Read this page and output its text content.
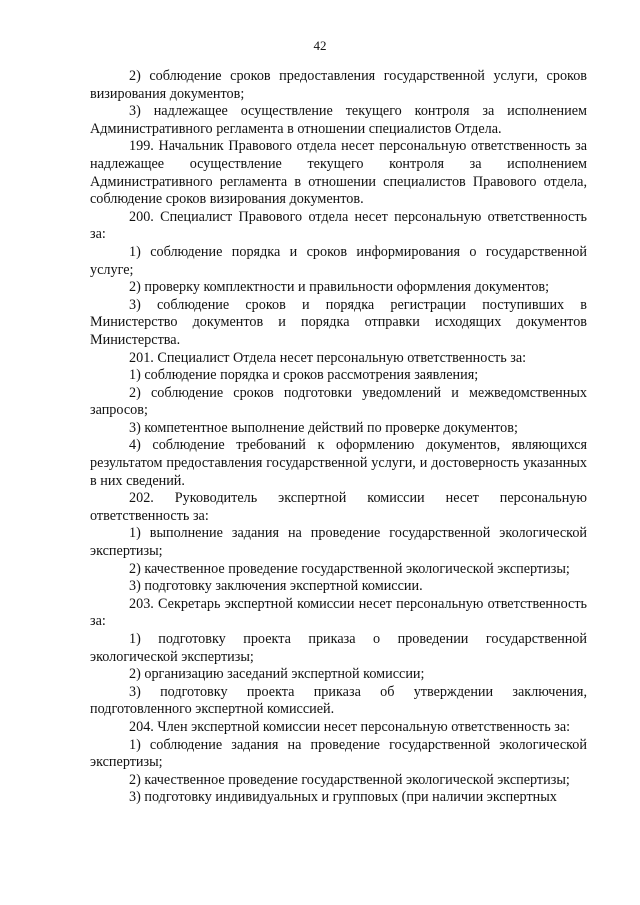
42

2) соблюдение сроков предоставления государственной услуги, сроков визирования документов;

3) надлежащее осуществление текущего контроля за исполнением Административного регламента в отношении специалистов Отдела.

199. Начальник Правового отдела несет персональную ответственность за надлежащее осуществление текущего контроля за исполнением Административного регламента в отношении специалистов Правового отдела, соблюдение сроков визирования документов.

200. Специалист Правового отдела несет персональную ответственность за:

1) соблюдение порядка и сроков информирования о государственной услуге;

2) проверку комплектности и правильности оформления документов;

3) соблюдение сроков и порядка регистрации поступивших в Министерство документов и порядка отправки исходящих документов Министерства.

201. Специалист Отдела несет персональную ответственность за:

1) соблюдение порядка и сроков рассмотрения заявления;

2) соблюдение сроков подготовки уведомлений и межведомственных запросов;

3) компетентное выполнение действий по проверке документов;

4) соблюдение требований к оформлению документов, являющихся результатом предоставления государственной услуги, и достоверность указанных в них сведений.

202. Руководитель экспертной комиссии несет персональную ответственность за:

1) выполнение задания на проведение государственной экологической экспертизы;

2) качественное проведение государственной экологической экспертизы;

3) подготовку заключения экспертной комиссии.

203. Секретарь экспертной комиссии несет персональную ответственность за:

1) подготовку проекта приказа о проведении государственной экологической экспертизы;

2) организацию заседаний экспертной комиссии;

3) подготовку проекта приказа об утверждении заключения, подготовленного экспертной комиссией.

204. Член экспертной комиссии несет персональную ответственность за:

1) соблюдение задания на проведение государственной экологической экспертизы;

2) качественное проведение государственной экологической экспертизы;

3) подготовку индивидуальных и групповых (при наличии экспертных
